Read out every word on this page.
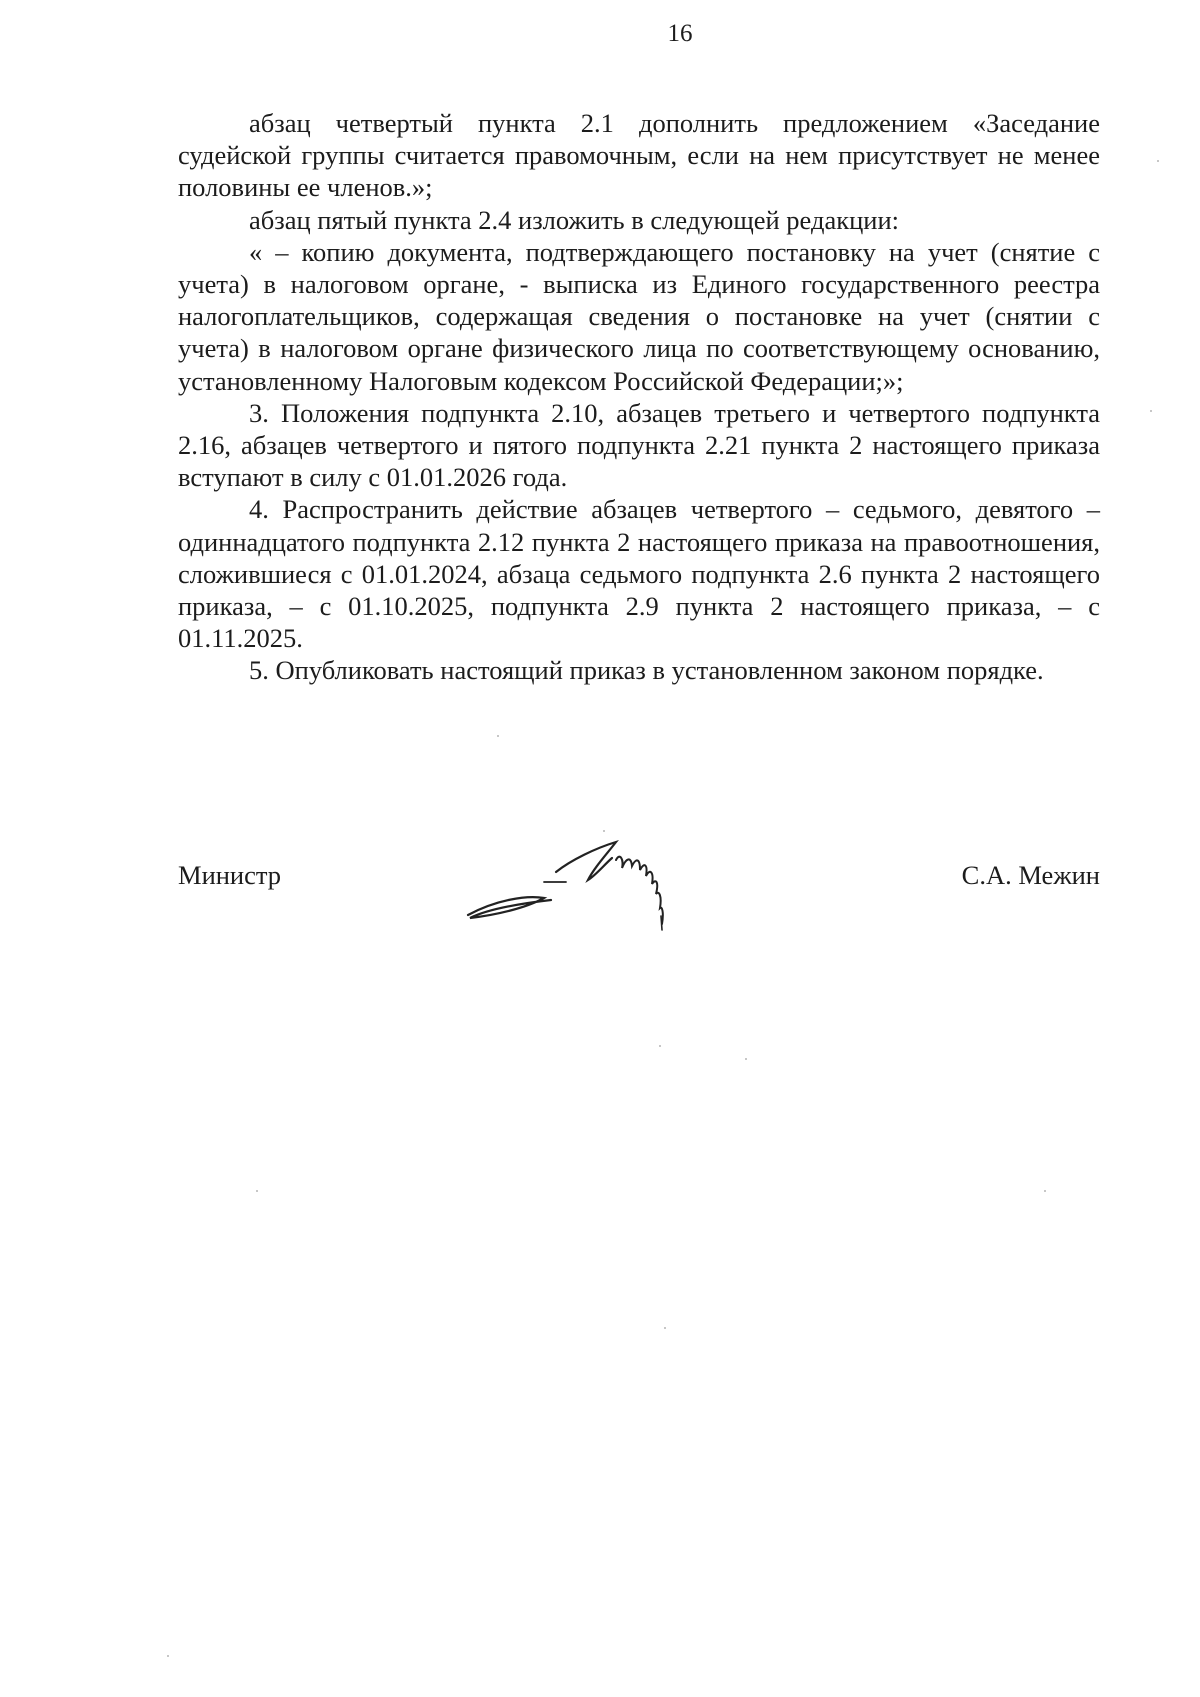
16

абзац четвертый пункта 2.1 дополнить предложением «Заседание судейской группы считается правомочным, если на нем присутствует не менее половины ее членов.»;

абзац пятый пункта 2.4 изложить в следующей редакции:

« – копию документа, подтверждающего постановку на учет (снятие с учета) в налоговом органе, - выписка из Единого государственного реестра налогоплательщиков, содержащая сведения о постановке на учет (снятии с учета) в налоговом органе физического лица по соответствующему основанию, установленному Налоговым кодексом Российской Федерации;»;

3. Положения подпункта 2.10, абзацев третьего и четвертого подпункта 2.16, абзацев четвертого и пятого подпункта 2.21 пункта 2 настоящего приказа вступают в силу с 01.01.2026 года.

4. Распространить действие абзацев четвертого – седьмого, девятого – одиннадцатого подпункта 2.12 пункта 2 настоящего приказа на правоотношения, сложившиеся с 01.01.2024, абзаца седьмого подпункта 2.6 пункта 2 настоящего приказа, – с 01.10.2025, подпункта 2.9 пункта 2 настоящего приказа, – с 01.11.2025.

5. Опубликовать настоящий приказ в установленном законом порядке.

Министр	С.А. Межин
